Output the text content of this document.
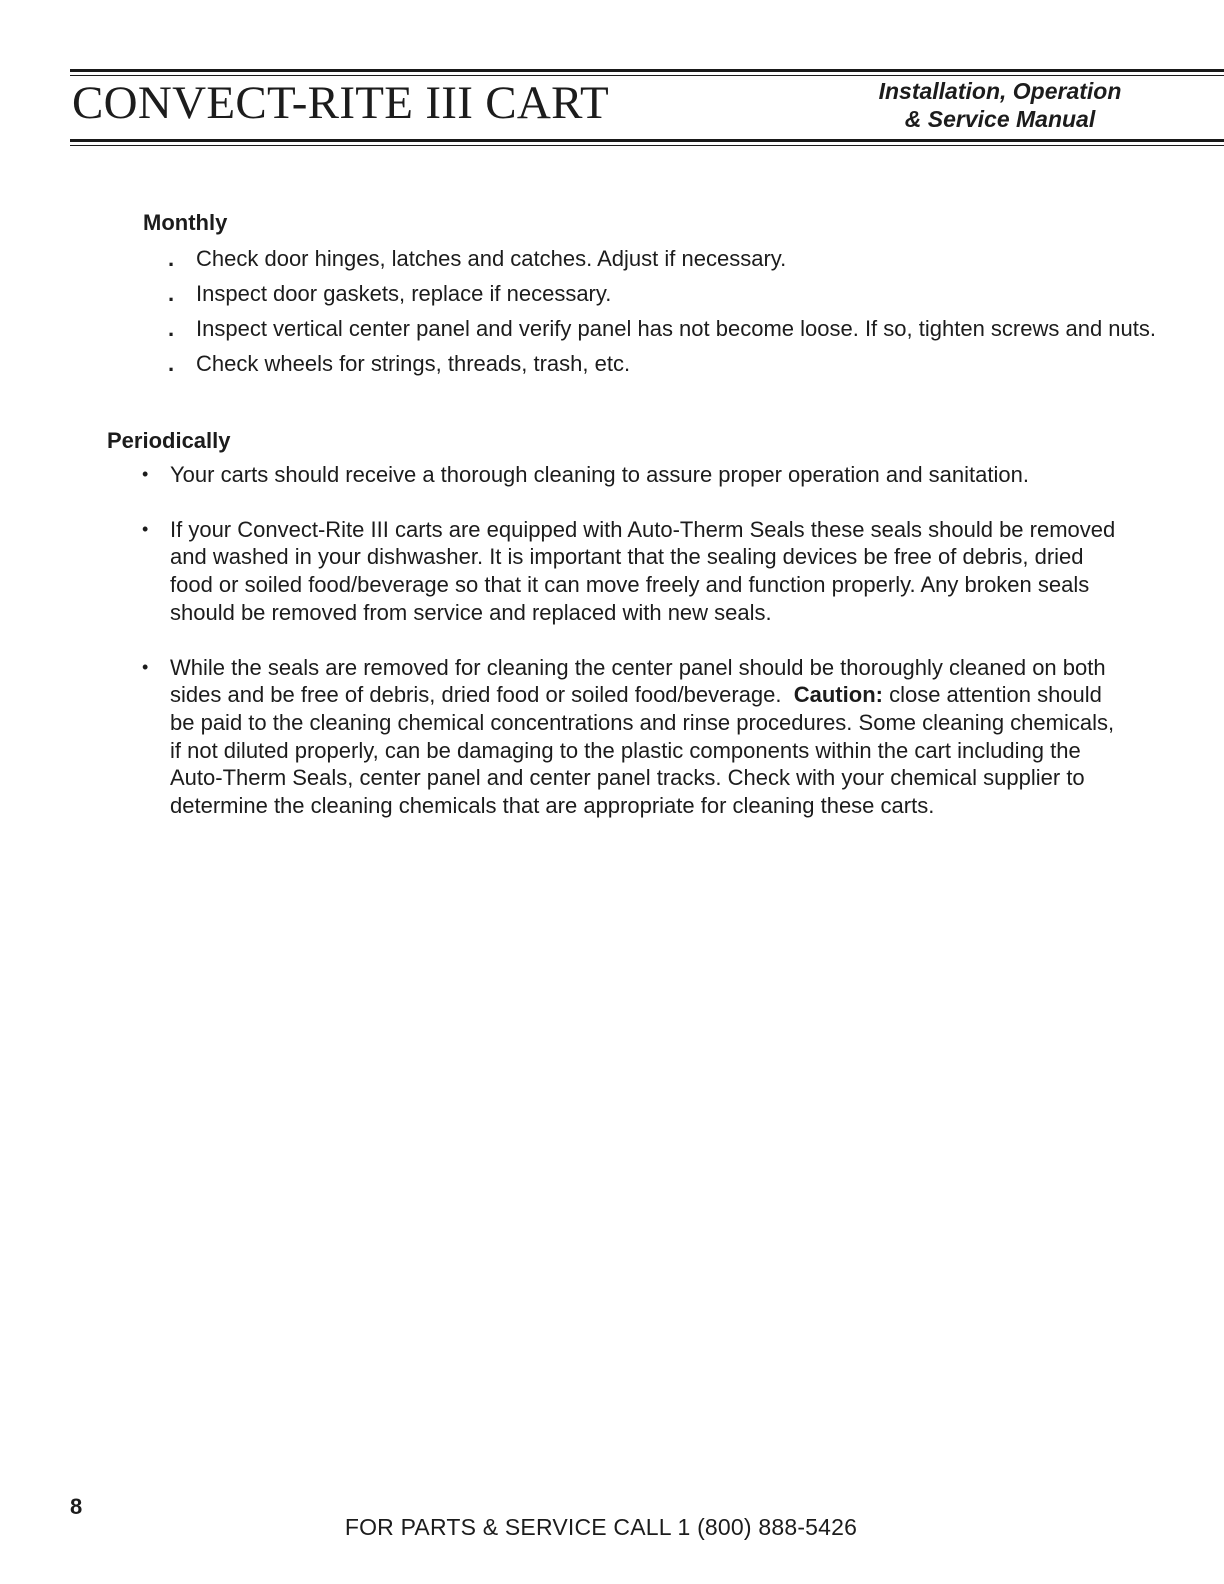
CONVECT-RITE III CART	Installation, Operation
& Service Manual
Monthly
. Check door hinges, latches and catches. Adjust if necessary.
. Inspect door gaskets, replace if necessary.
. Inspect vertical center panel and verify panel has not become loose. If so, tighten screws and nuts.
. Check wheels for strings, threads, trash, etc.
Periodically
• Your carts should receive a thorough cleaning to assure proper operation and sanitation.
• If your Convect-Rite III carts are equipped with Auto-Therm Seals these seals should be removed and washed in your dishwasher. It is important that the sealing devices be free of debris, dried food or soiled food/beverage so that it can move freely and function properly. Any broken seals should be removed from service and replaced with new seals.
• While the seals are removed for cleaning the center panel should be thoroughly cleaned on both sides and be free of debris, dried food or soiled food/beverage. Caution: close attention should be paid to the cleaning chemical concentrations and rinse procedures. Some cleaning chemicals, if not diluted properly, can be damaging to the plastic components within the cart including the Auto-Therm Seals, center panel and center panel tracks. Check with your chemical supplier to determine the cleaning chemicals that are appropriate for cleaning these carts.
8
FOR PARTS & SERVICE CALL 1 (800) 888-5426
